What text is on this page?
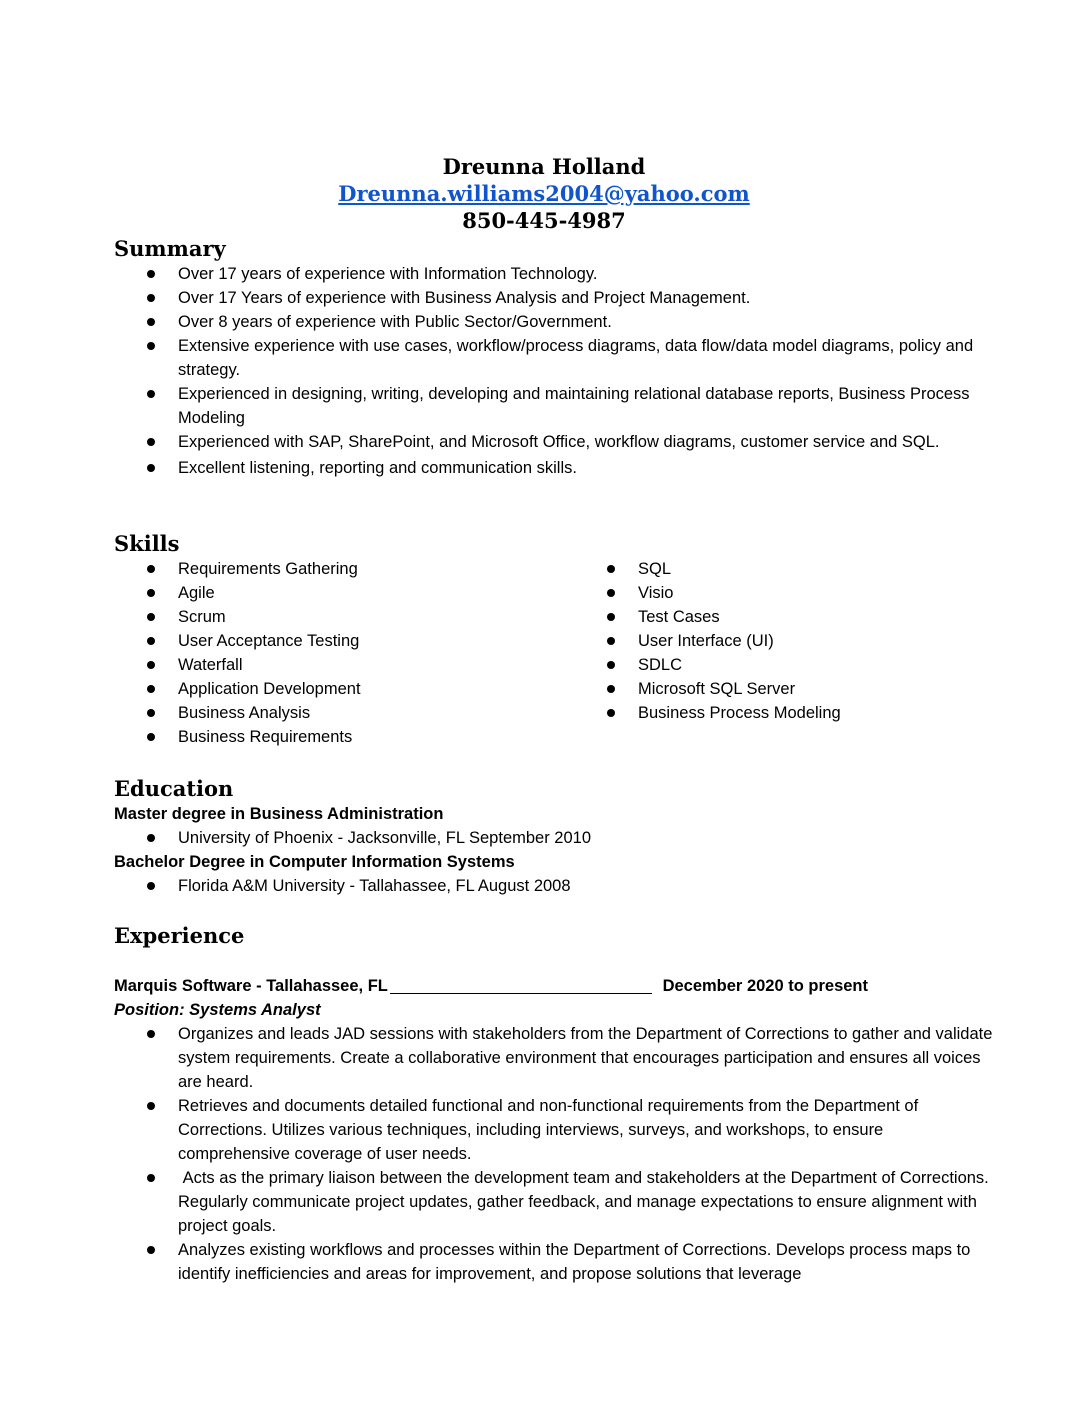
Dreunna Holland
Dreunna.williams2004@yahoo.com
850-445-4987
Summary
Over 17 years of experience with Information Technology.
Over 17 Years of experience with Business Analysis and Project Management.
Over 8 years of experience with Public Sector/Government.
Extensive experience with use cases, workflow/process diagrams, data flow/data model diagrams, policy and strategy.
Experienced in designing, writing, developing and maintaining relational database reports, Business Process Modeling
Experienced with SAP, SharePoint, and Microsoft Office, workflow diagrams, customer service and SQL.
Excellent listening, reporting and communication skills.
Skills
Requirements Gathering
Agile
Scrum
User Acceptance Testing
Waterfall
Application Development
Business Analysis
Business Requirements
SQL
Visio
Test Cases
User Interface (UI)
SDLC
Microsoft SQL Server
Business Process Modeling
Education
Master degree in Business Administration
University of Phoenix - Jacksonville, FL September 2010
Bachelor Degree in Computer Information Systems
Florida A&M University - Tallahassee, FL August 2008
Experience
Marquis Software - Tallahassee, FL	December 2020 to present
Position: Systems Analyst
Organizes and leads JAD sessions with stakeholders from the Department of Corrections to gather and validate system requirements. Create a collaborative environment that encourages participation and ensures all voices are heard.
Retrieves and documents detailed functional and non-functional requirements from the Department of Corrections. Utilizes various techniques, including interviews, surveys, and workshops, to ensure comprehensive coverage of user needs.
Acts as the primary liaison between the development team and stakeholders at the Department of Corrections. Regularly communicate project updates, gather feedback, and manage expectations to ensure alignment with project goals.
Analyzes existing workflows and processes within the Department of Corrections. Develops process maps to identify inefficiencies and areas for improvement, and propose solutions that leverage
